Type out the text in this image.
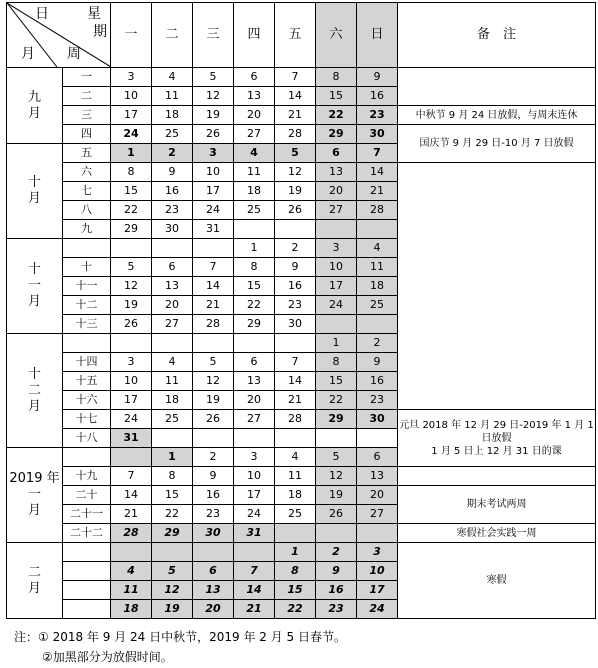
日 星
期
月 周		一	二	三	四	五	六	日	备　注
九
月	一	3	4	5	6	7	8	9	
	二	10	11	12	13	14	15	16	
	三	17	18	19	20	21	22	23	中秋节 9 月 24 日放假，与周末连休
	四	24	25	26	27	28	29	30	国庆节 9 月 29 日-10 月 7 日放假
十
月	五	1	2	3	4	5	6	7	
	六	8	9	10	11	12	13	14	
	七	15	16	17	18	19	20	21	
	八	22	23	24	25	26	27	28	
	九	29	30	31					
十
一
月					1	2	3	4	
	十	5	6	7	8	9	10	11	
	十一	12	13	14	15	16	17	18	
	十二	19	20	21	22	23	24	25	
	十三	26	27	28	29	30			
十
二
月							1	2	
	十四	3	4	5	6	7	8	9	
	十五	10	11	12	13	14	15	16	
	十六	17	18	19	20	21	22	23	
	十七	24	25	26	27	28	29	30	元旦 2018 年 12 月 29 日-2019 年 1 月 1 日放假
1 月 5 日上 12 月 31 日的课
	十八	31							
2019 年
一
月			1	2	3	4	5	6	
	十九	7	8	9	10	11	12	13	
	二十	14	15	16	17	18	19	20	期末考试两周
	二十一	21	22	23	24	25	26	27	
	二十二	28	29	30	31				寒假社会实践一周
二
月						1	2	3	寒假
		4	5	6	7	8	9	10	
		11	12	13	14	15	16	17	
		18	19	20	21	22	23	24	
注：① 2018 年 9 月 24 日中秋节，2019 年 2 月 5 日春节。
②加黑部分为放假时间。
